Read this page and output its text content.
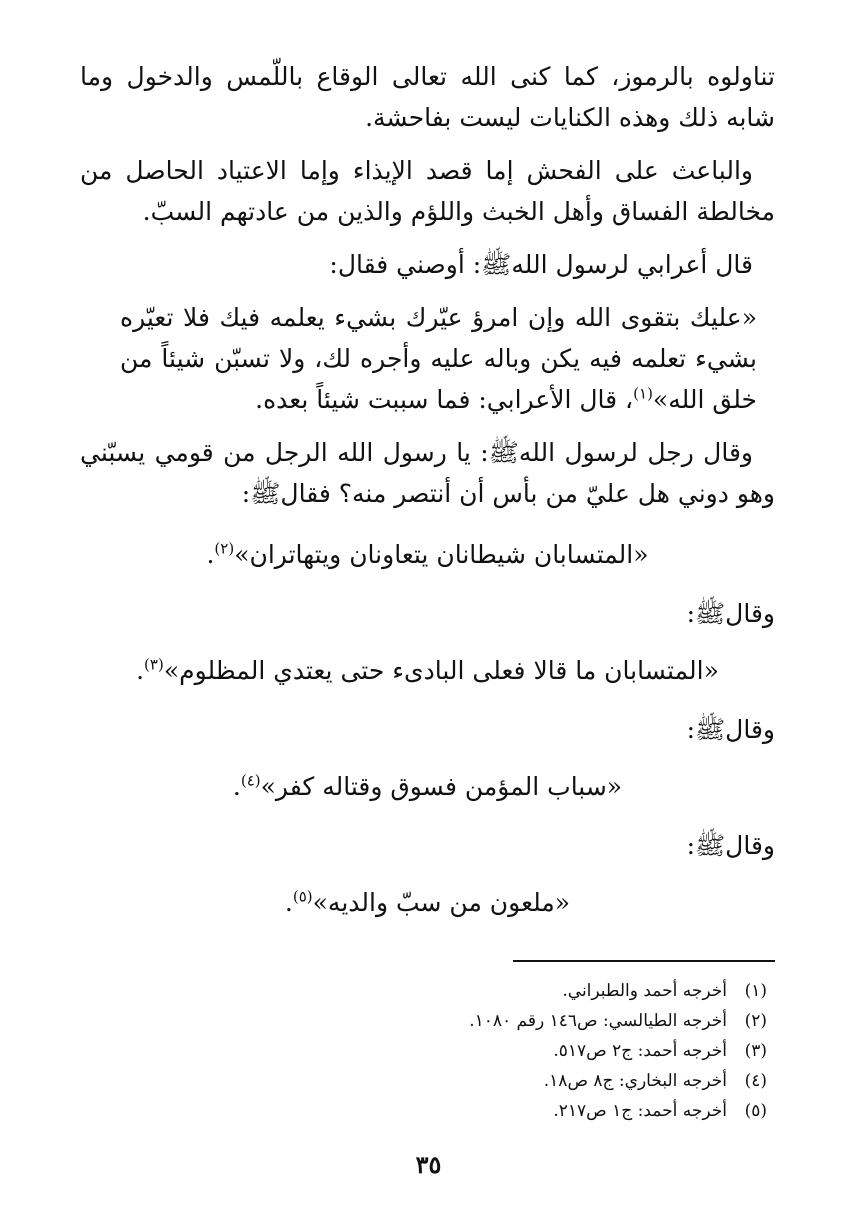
تناولوه بالرموز، كما كنى الله تعالى الوقاع باللّمس والدخول وما شابه ذلك وهذه الكنايات ليست بفاحشة.

والباعث على الفحش إما قصد الإيذاء وإما الاعتياد الحاصل من مخالطة الفساق وأهل الخبث واللؤم والذين من عادتهم السبّ.

قال أعرابي لرسول اللهﷺ: أوصني فقال:

«عليك بتقوى الله وإن امرؤ عيّرك بشيء يعلمه فيك فلا تعيّره بشيء تعلمه فيه يكن وباله عليه وأجره لك، ولا تسبّن شيئاً من خلق الله»$^{(١)}$، قال الأعرابي: فما سببت شيئاً بعده.

وقال رجل لرسول اللهﷺ: يا رسول الله الرجل من قومي يسبّني وهو دوني هل عليّ من بأس أن أنتصر منه؟ فقالﷺ:

«المتسابان شيطانان يتعاونان ويتهاتران»$^{(٢)}$.

وقالﷺ:

«المتسابان ما قالا فعلى البادىء حتى يعتدي المظلوم»$^{(٣)}$.

وقالﷺ:

«سباب المؤمن فسوق وقتاله كفر»$^{(٤)}$.

وقالﷺ:

«ملعون من سبّ والديه»$^{(٥)}$.

(١)
أخرجه أحمد والطبراني.
(٢)
أخرجه الطيالسي: ص١٤٦ رقم ١٠٨٠.
(٣)
أخرجه أحمد: ج٢ ص٥١٧.
(٤)
أخرجه البخاري: ج٨ ص١٨.
(٥)
أخرجه أحمد: ج١ ص٢١٧.
٣٥
